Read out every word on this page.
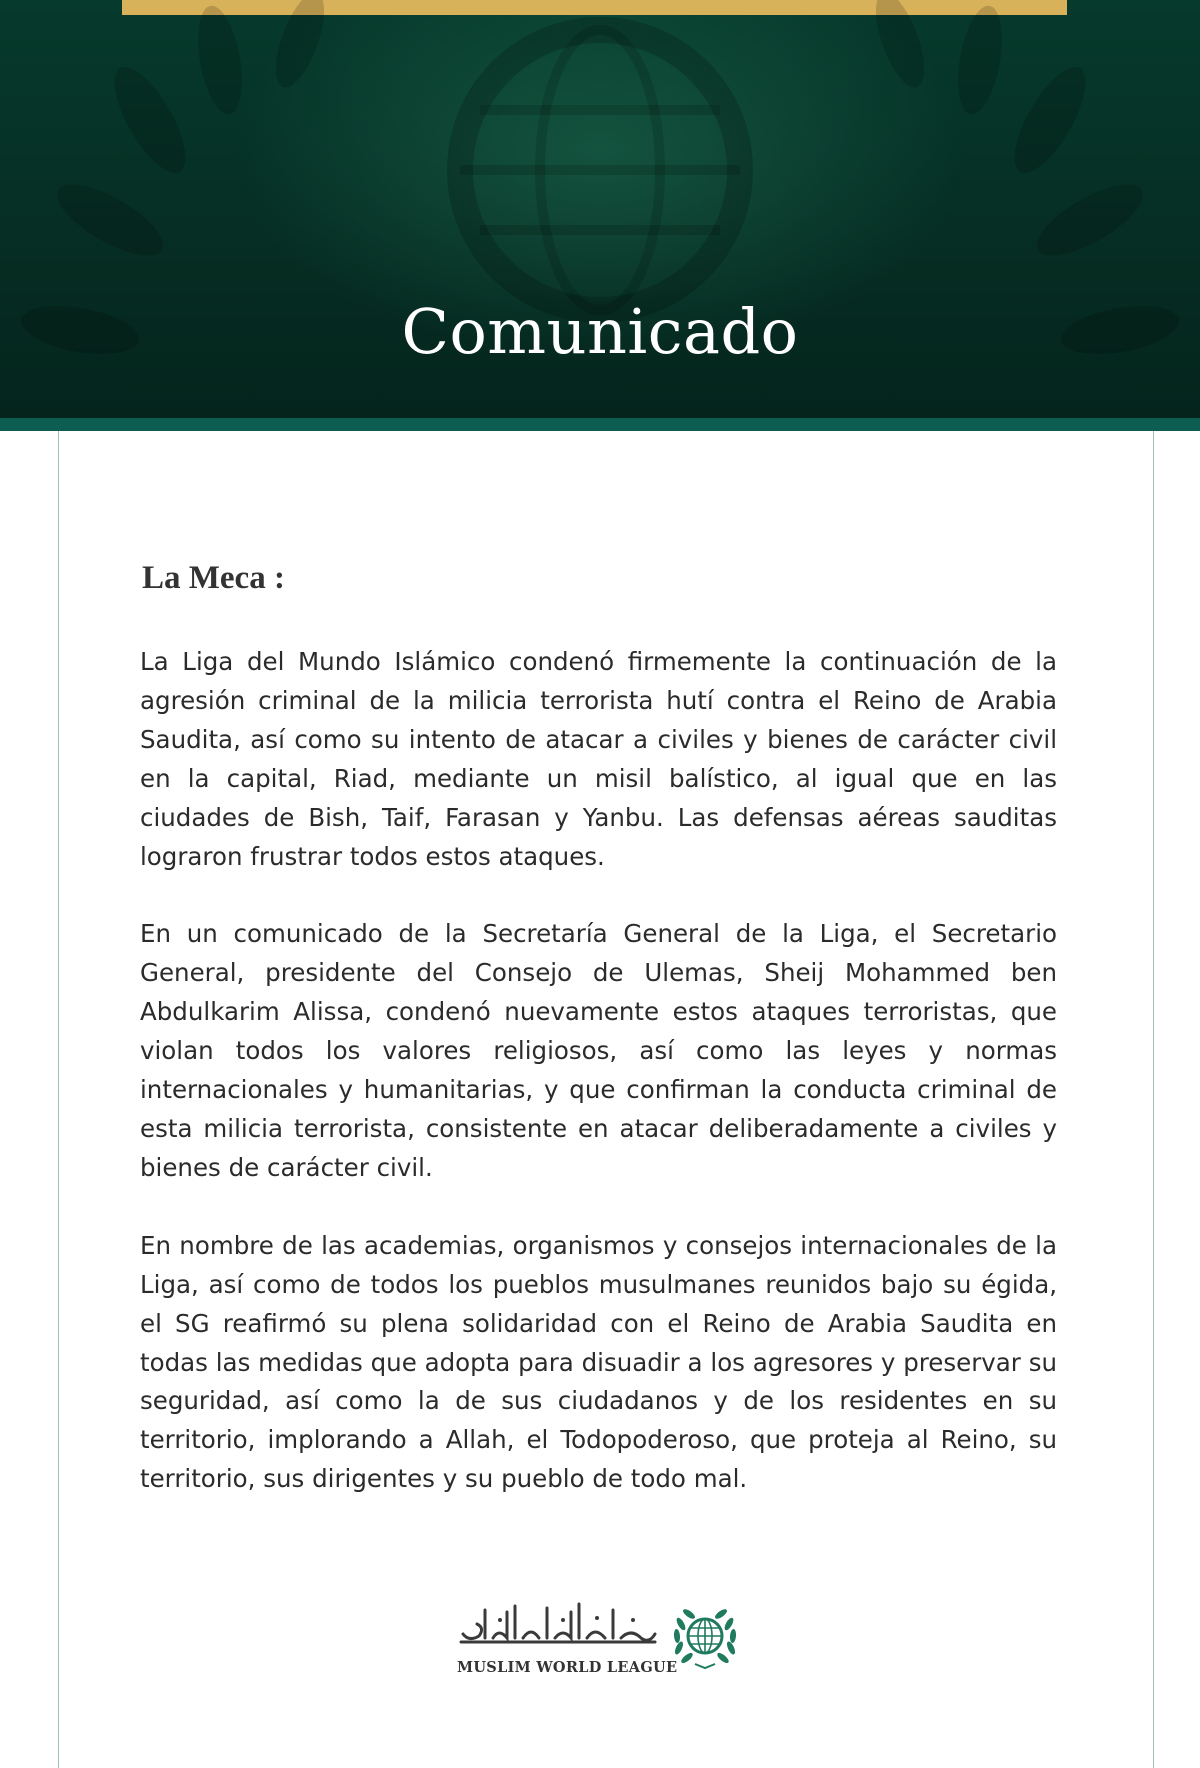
Comunicado
La Meca :

La Liga del Mundo Islámico condenó firmemente la continuación de la agresión criminal de la milicia terrorista hutí contra el Reino de Arabia Saudita, así como su intento de atacar a civiles y bienes de carácter civil en la capital, Riad, mediante un misil balístico, al igual que en las ciudades de Bish, Taif, Farasan y Yanbu. Las defensas aéreas sauditas lograron frustrar todos estos ataques.

En un comunicado de la Secretaría General de la Liga, el Secretario General, presidente del Consejo de Ulemas, Sheij Mohammed ben Abdulkarim Alissa, condenó nuevamente estos ataques terroristas, que violan todos los valores religiosos, así como las leyes y normas internacionales y humanitarias, y que confirman la conducta criminal de esta milicia terrorista, consistente en atacar deliberadamente a civiles y bienes de carácter civil.

En nombre de las academias, organismos y consejos internacionales de la Liga, así como de todos los pueblos musulmanes reunidos bajo su égida, el SG reafirmó su plena solidaridad con el Reino de Arabia Saudita en todas las medidas que adopta para disuadir a los agresores y preservar su seguridad, así como la de sus ciudadanos y de los residentes en su territorio, implorando a Allah, el Todopoderoso, que proteja al Reino, su territorio, sus dirigentes y su pueblo de todo mal.

MUSLIM WORLD LEAGUE
